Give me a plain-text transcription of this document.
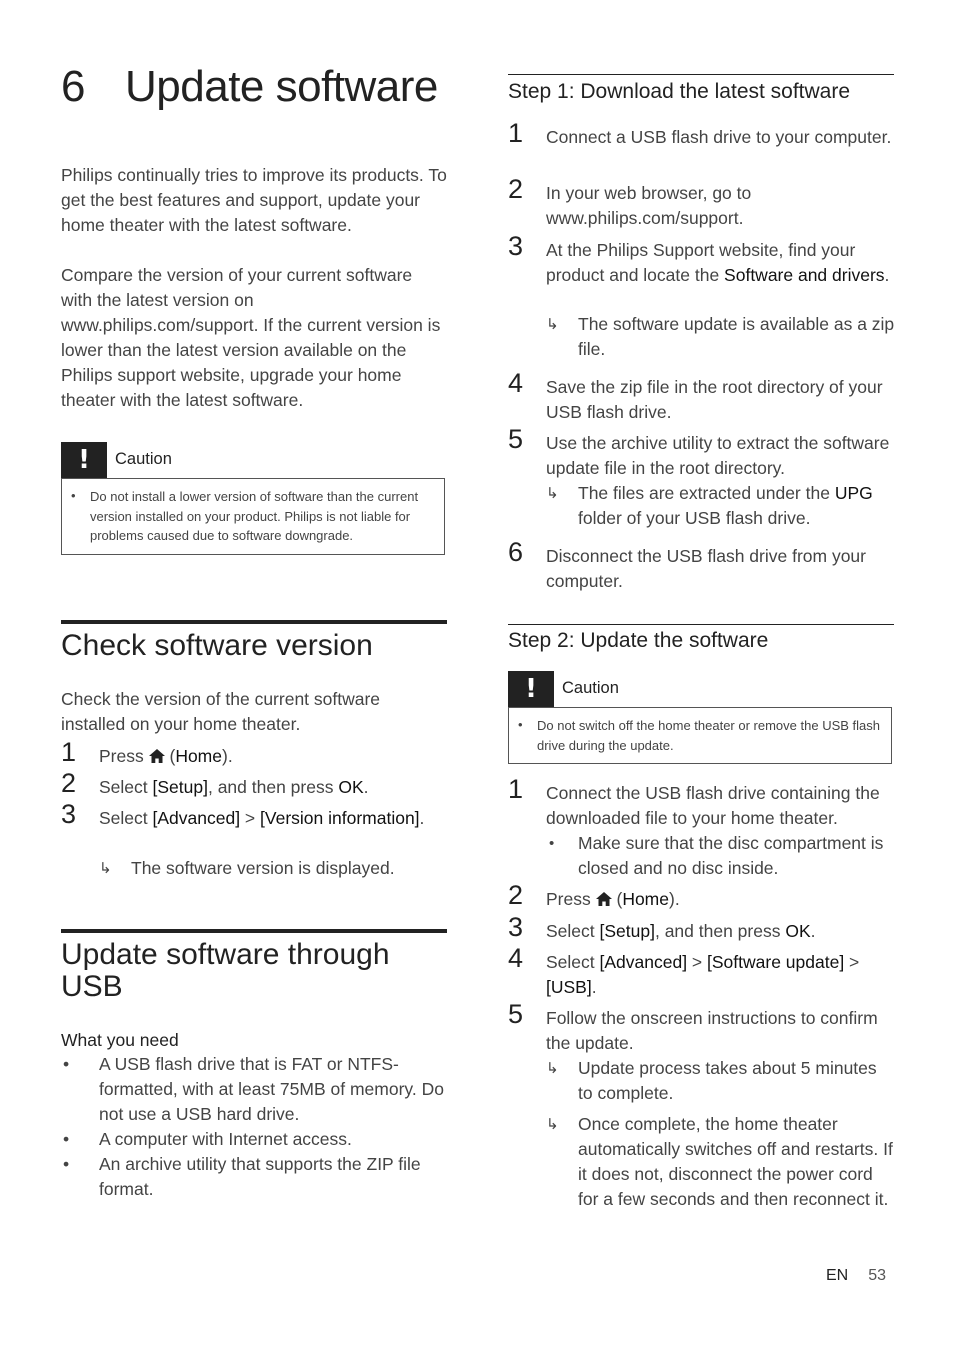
6 Update software
Philips continually tries to improve its products. To get the best features and support, update your home theater with the latest software.
Compare the version of your current software with the latest version on www.philips.com/support. If the current version is lower than the latest version available on the Philips support website, upgrade your home theater with the latest software.
!	Caution
• Do not install a lower version of software than the current version installed on your product. Philips is not liable for problems caused due to software downgrade.
Check software version
Check the version of the current software installed on your home theater.
1 Press  (Home).
2 Select [Setup], and then press OK.
3 Select [Advanced] > [Version information].
↳ The software version is displayed.
Update software through USB
What you need
• A USB flash drive that is FAT or NTFS-formatted, with at least 75MB of memory. Do not use a USB hard drive.
• A computer with Internet access.
• An archive utility that supports the ZIP file format.
Step 1: Download the latest software
1 Connect a USB flash drive to your computer.
2 In your web browser, go to www.philips.com/support.
3 At the Philips Support website, find your product and locate the Software and drivers.
↳ The software update is available as a zip file.
4 Save the zip file in the root directory of your USB flash drive.
5 Use the archive utility to extract the software update file in the root directory.
↳ The files are extracted under the UPG folder of your USB flash drive.
6 Disconnect the USB flash drive from your computer.
Step 2: Update the software
!	Caution
• Do not switch off the home theater or remove the USB flash drive during the update.
1 Connect the USB flash drive containing the downloaded file to your home theater.
• Make sure that the disc compartment is closed and no disc inside.
2 Press  (Home).
3 Select [Setup], and then press OK.
4 Select [Advanced] > [Software update] > [USB].
5 Follow the onscreen instructions to confirm the update.
↳ Update process takes about 5 minutes to complete.
↳ Once complete, the home theater automatically switches off and restarts. If it does not, disconnect the power cord for a few seconds and then reconnect it.
EN 53
